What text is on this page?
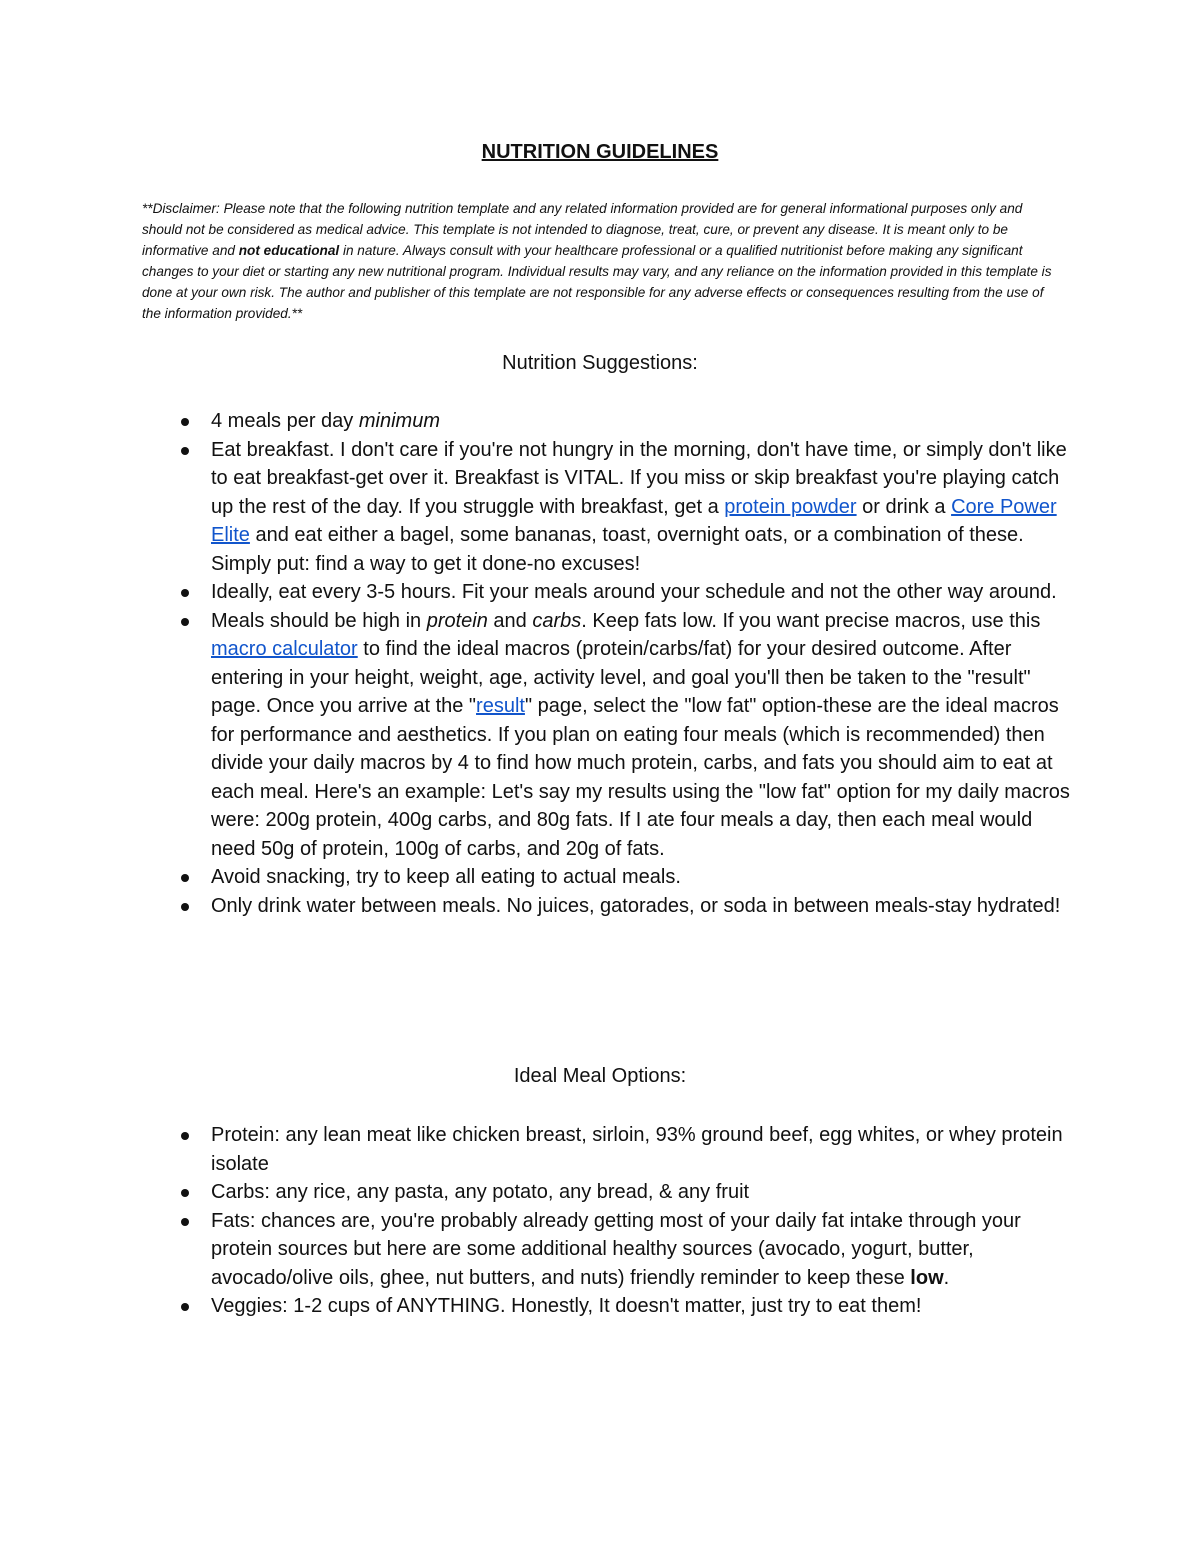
NUTRITION GUIDELINES

**Disclaimer: Please note that the following nutrition template and any related information provided are for general informational purposes only and should not be considered as medical advice. This template is not intended to diagnose, treat, cure, or prevent any disease. It is meant only to be informative and not educational in nature. Always consult with your healthcare professional or a qualified nutritionist before making any significant changes to your diet or starting any new nutritional program. Individual results may vary, and any reliance on the information provided in this template is done at your own risk. The author and publisher of this template are not responsible for any adverse effects or consequences resulting from the use of the information provided.**

Nutrition Suggestions:
4 meals per day minimum
Eat breakfast. I don't care if you're not hungry in the morning, don't have time, or simply don't like to eat breakfast-get over it. Breakfast is VITAL. If you miss or skip breakfast you're playing catch up the rest of the day. If you struggle with breakfast, get a protein powder or drink a Core Power Elite and eat either a bagel, some bananas, toast, overnight oats, or a combination of these. Simply put: find a way to get it done-no excuses!
Ideally, eat every 3-5 hours. Fit your meals around your schedule and not the other way around.
Meals should be high in protein and carbs. Keep fats low. If you want precise macros, use this macro calculator to find the ideal macros (protein/carbs/fat) for your desired outcome. After entering in your height, weight, age, activity level, and goal you'll then be taken to the "result" page. Once you arrive at the "result" page, select the "low fat" option-these are the ideal macros for performance and aesthetics. If you plan on eating four meals (which is recommended) then divide your daily macros by 4 to find how much protein, carbs, and fats you should aim to eat at each meal. Here's an example: Let's say my results using the "low fat" option for my daily macros were: 200g protein, 400g carbs, and 80g fats. If I ate four meals a day, then each meal would need 50g of protein, 100g of carbs, and 20g of fats.
Avoid snacking, try to keep all eating to actual meals.
Only drink water between meals. No juices, gatorades, or soda in between meals-stay hydrated!
Ideal Meal Options:
Protein: any lean meat like chicken breast, sirloin, 93% ground beef, egg whites, or whey protein isolate
Carbs: any rice, any pasta, any potato, any bread, & any fruit
Fats: chances are, you're probably already getting most of your daily fat intake through your protein sources but here are some additional healthy sources (avocado, yogurt, butter, avocado/olive oils, ghee, nut butters, and nuts) friendly reminder to keep these low.
Veggies: 1-2 cups of ANYTHING. Honestly, It doesn't matter, just try to eat them!
